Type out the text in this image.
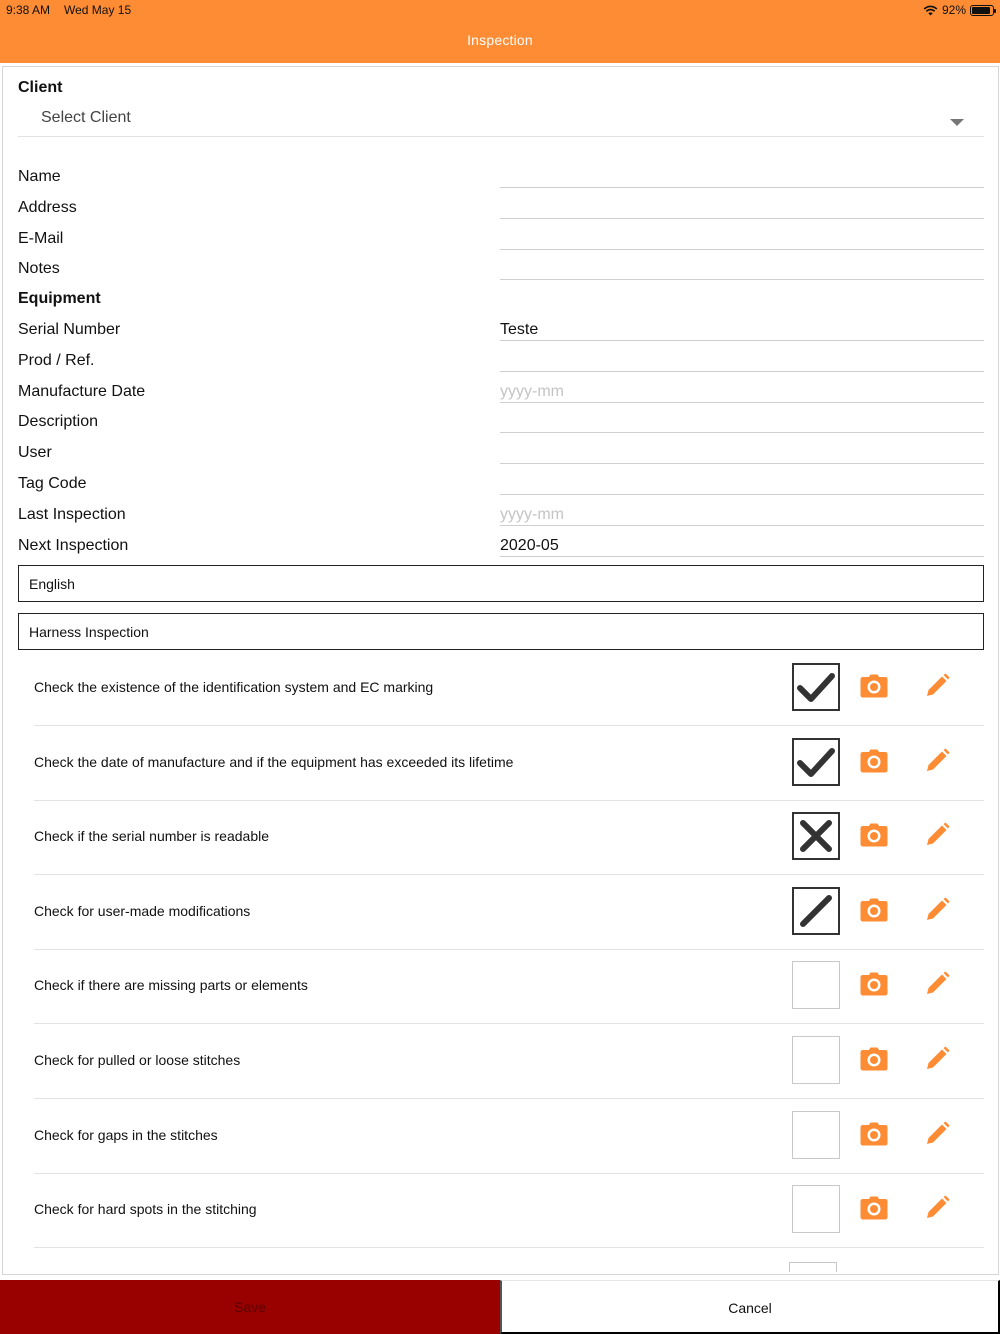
9:38 AM Wed May 15	92%
Inspection
Client
Select Client
Name
Address
E-Mail
Notes
Equipment
Serial Number	Teste
Prod / Ref.
Manufacture Date	yyyy-mm
Description
User
Tag Code
Last Inspection	yyyy-mm
Next Inspection	2020-05
English
Harness Inspection
Check the existence of the identification system and EC marking
Check the date of manufacture and if the equipment has exceeded its lifetime
Check if the serial number is readable
Check for user-made modifications
Check if there are missing parts or elements
Check for pulled or loose stitches
Check for gaps in the stitches
Check for hard spots in the stitching
Save	Cancel
